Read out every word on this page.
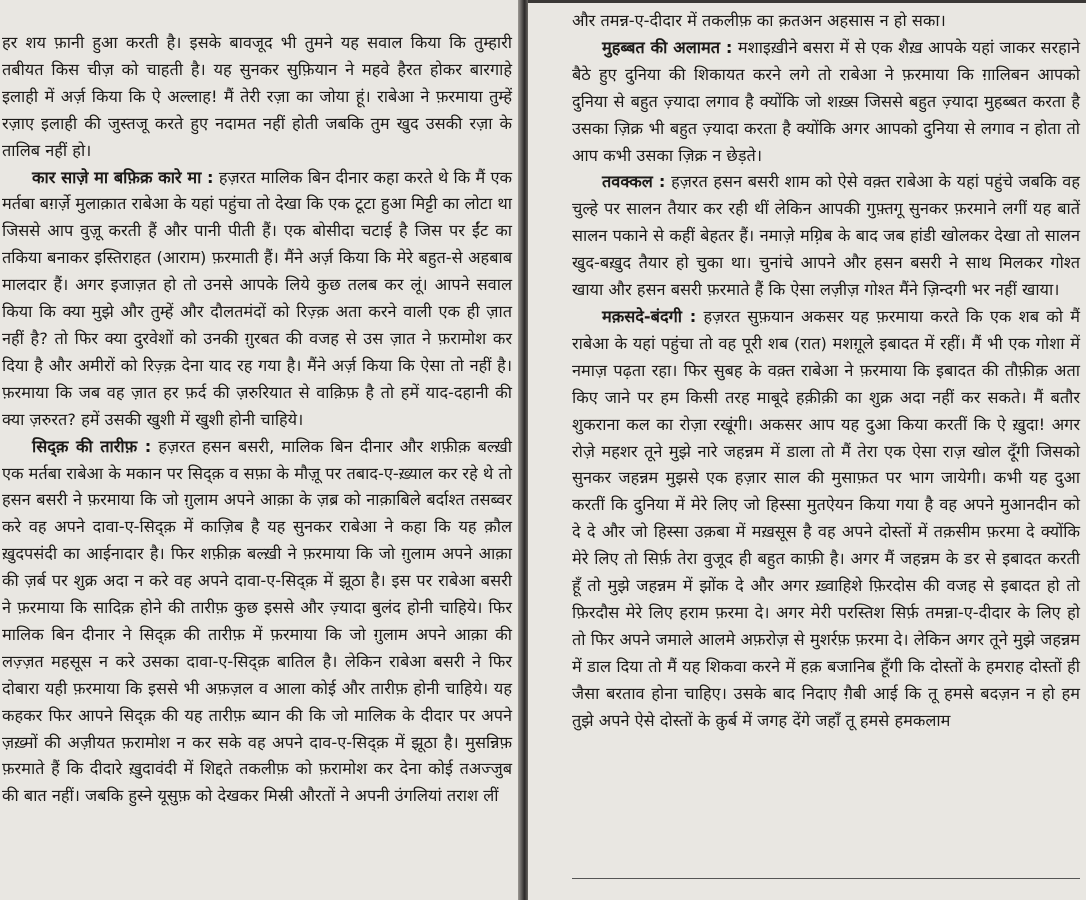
हर शय फ़ानी हुआ करती है। इसके बावजूद भी तुमने यह सवाल किया कि तुम्हारी तबीयत किस चीज़ को चाहती है। यह सुनकर सुफ़ियान ने महवे हैरत होकर बारगाहे इलाही में अर्ज़ किया कि ऐ अल्लाह! मैं तेरी रज़ा का जोया हूं। राबेआ ने फ़रमाया तुम्हें रज़ाए इलाही की जुस्तजू करते हुए नदामत नहीं होती जबकि तुम खुद उसकी रज़ा के तालिब नहीं हो।

कार साज़े मा बफ़िक्र कारे मा : हज़रत मालिक बिन दीनार कहा करते थे कि मैं एक मर्तबा बग़र्ज़े मुलाक़ात राबेआ के यहां पहुंचा तो देखा कि एक टूटा हुआ मिट्टी का लोटा था जिससे आप वुज़ू करती हैं और पानी पीती हैं। एक बोसीदा चटाई है जिस पर ईंट का तकिया बनाकर इस्तिराहत (आराम) फ़रमाती हैं। मैंने अर्ज़ किया कि मेरे बहुत-से अहबाब मालदार हैं। अगर इजाज़त हो तो उनसे आपके लिये कुछ तलब कर लूं। आपने सवाल किया कि क्या मुझे और तुम्हें और दौलतमंदों को रिज़्क़ अता करने वाली एक ही ज़ात नहीं है? तो फिर क्या दुरवेशों को उनकी ग़ुरबत की वजह से उस ज़ात ने फ़रामोश कर दिया है और अमीरों को रिज़्क़ देना याद रह गया है। मैंने अर्ज़ किया कि ऐसा तो नहीं है। फ़रमाया कि जब वह ज़ात हर फ़र्द की ज़रुरियात से वाक़िफ़ है तो हमें याद-दहानी की क्या ज़रुरत? हमें उसकी खुशी में खुशी होनी चाहिये।

सिद्क़ की तारीफ़ : हज़रत हसन बसरी, मालिक बिन दीनार और शफ़ीक़ बल्ख़ी एक मर्तबा राबेआ के मकान पर सिद्क़ व सफ़ा के मौज़ू पर तबाद-ए-ख़्याल कर रहे थे तो हसन बसरी ने फ़रमाया कि जो ग़ुलाम अपने आक़ा के ज़ब्र को नाक़ाबिले बर्दाश्त तसब्वर करे वह अपने दावा-ए-सिद्क़ में काज़िब है यह सुनकर राबेआ ने कहा कि यह क़ौल ख़ुदपसंदी का आईनादार है। फिर शफ़ीक़ बल्ख़ी ने फ़रमाया कि जो ग़ुलाम अपने आक़ा की ज़र्ब पर शुक्र अदा न करे वह अपने दावा-ए-सिद्क़ में झूठा है। इस पर राबेआ बसरी ने फ़रमाया कि सादिक़ होने की तारीफ़ कुछ इससे और ज़्यादा बुलंद होनी चाहिये। फिर मालिक बिन दीनार ने सिद्क़ की तारीफ़ में फ़रमाया कि जो ग़ुलाम अपने आक़ा की लज़्ज़त महसूस न करे उसका दावा-ए-सिद्क़ बातिल है। लेकिन राबेआ बसरी ने फिर दोबारा यही फ़रमाया कि इससे भी अफ़ज़ल व आला कोई और तारीफ़ होनी चाहिये। यह कहकर फिर आपने सिद्क़ की यह तारीफ़ ब्यान की कि जो मालिक के दीदार पर अपने ज़ख़्मों की अज़ीयत फ़रामोश न कर सके वह अपने दाव-ए-सिद्क़ में झूठा है। मुसन्निफ़ फ़रमाते हैं कि दीदारे ख़ुदावंदी में शिद्दते तकलीफ़ को फ़रामोश कर देना कोई तअज्जुब की बात नहीं। जबकि हुस्ने यूसुफ़ को देखकर मिस्री औरतों ने अपनी उंगलियां तराश लीं

और तमन्न-ए-दीदार में तकलीफ़ का क़तअन अहसास न हो सका।

मुहब्बत की अलामत : मशाइख़ीने बसरा में से एक शैख़ आपके यहां जाकर सरहाने बैठे हुए दुनिया की शिकायत करने लगे तो राबेआ ने फ़रमाया कि ग़ालिबन आपको दुनिया से बहुत ज़्यादा लगाव है क्योंकि जो शख़्स जिससे बहुत ज़्यादा मुहब्बत करता है उसका ज़िक्र भी बहुत ज़्यादा करता है क्योंकि अगर आपको दुनिया से लगाव न होता तो आप कभी उसका ज़िक्र न छेड़ते।

तवक्कल : हज़रत हसन बसरी शाम को ऐसे वक़्त राबेआ के यहां पहुंचे जबकि वह चुल्हे पर सालन तैयार कर रही थीं लेकिन आपकी गुफ़्तगू सुनकर फ़रमाने लगीं यह बातें सालन पकाने से कहीं बेहतर हैं। नमाज़े मग़्रिब के बाद जब हांडी खोलकर देखा तो सालन खुद-बख़ुद तैयार हो चुका था। चुनांचे आपने और हसन बसरी ने साथ मिलकर गोश्त खाया और हसन बसरी फ़रमाते हैं कि ऐसा लज़ीज़ गोश्त मैंने ज़िन्दगी भर नहीं खाया।

मक़सदे-बंदगी : हज़रत सुफ़यान अकसर यह फ़रमाया करते कि एक शब को मैं राबेआ के यहां पहुंचा तो वह पूरी शब (रात) मशग़ूले इबादत में रहीं। मैं भी एक गोशा में नमाज़ पढ़ता रहा। फिर सुबह के वक़्त राबेआ ने फ़रमाया कि इबादत की तौफ़ीक़ अता किए जाने पर हम किसी तरह माबूदे हक़ीक़ी का शुक्र अदा नहीं कर सकते। मैं बतौर शुकराना कल का रोज़ा रखूंगी। अकसर आप यह दुआ किया करतीं कि ऐ ख़ुदा! अगर रोज़े महशर तूने मुझे नारे जहन्नम में डाला तो मैं तेरा एक ऐसा राज़ खोल दूँगी जिसको सुनकर जहन्नम मुझसे एक हज़ार साल की मुसाफ़त पर भाग जायेगी। कभी यह दुआ करतीं कि दुनिया में मेरे लिए जो हिस्सा मुतऐयन किया गया है वह अपने मुआनदीन को दे दे और जो हिस्सा उक़बा में मख़सूस है वह अपने दोस्तों में तक़सीम फ़रमा दे क्योंकि मेरे लिए तो सिर्फ़ तेरा वुजूद ही बहुत काफ़ी है। अगर मैं जहन्नम के डर से इबादत करती हूँ तो मुझे जहन्नम में झोंक दे और अगर ख़्वाहिशे फ़िरदोस की वजह से इबादत हो तो फ़िरदौस मेरे लिए हराम फ़रमा दे। अगर मेरी परस्तिश सिर्फ़ तमन्ना-ए-दीदार के लिए हो तो फिर अपने जमाले आलमे अफ़रोज़ से मुशर्रफ़ फ़रमा दे। लेकिन अगर तूने मुझे जहन्नम में डाल दिया तो मैं यह शिकवा करने में हक़ बजानिब हूँगी कि दोस्तों के हमराह दोस्तों ही जैसा बरताव होना चाहिए। उसके बाद निदाए ग़ैबी आई कि तू हमसे बदज़न न हो हम तुझे अपने ऐसे दोस्तों के क़ुर्ब में जगह देंगे जहाँ तू हमसे हमकलाम
